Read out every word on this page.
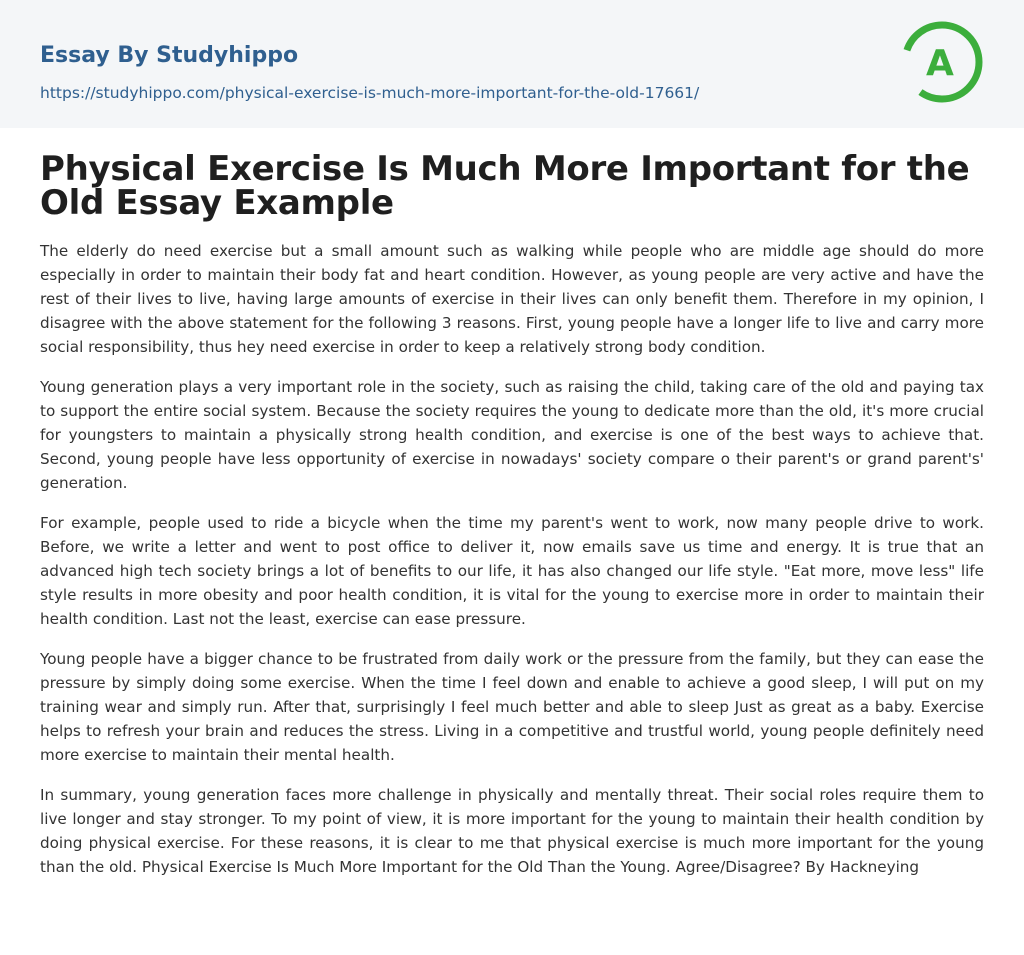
Essay By Studyhippo
https://studyhippo.com/physical-exercise-is-much-more-important-for-the-old-17661/
A
Physical Exercise Is Much More Important for the Old Essay Example

The elderly do need exercise but a small amount such as walking while people who are middle age should do more especially in order to maintain their body fat and heart condition. However, as young people are very active and have the rest of their lives to live, having large amounts of exercise in their lives can only benefit them. Therefore in my opinion, I disagree with the above statement for the following 3 reasons. First, young people have a longer life to live and carry more social responsibility, thus hey need exercise in order to keep a relatively strong body condition.

Young generation plays a very important role in the society, such as raising the child, taking care of the old and paying tax to support the entire social system. Because the society requires the young to dedicate more than the old, it's more crucial for youngsters to maintain a physically strong health condition, and exercise is one of the best ways to achieve that. Second, young people have less opportunity of exercise in nowadays' society compare o their parent's or grand parent's' generation.

For example, people used to ride a bicycle when the time my parent's went to work, now many people drive to work. Before, we write a letter and went to post office to deliver it, now emails save us time and energy. It is true that an advanced high tech society brings a lot of benefits to our life, it has also changed our life style. "Eat more, move less" life style results in more obesity and poor health condition, it is vital for the young to exercise more in order to maintain their health condition. Last not the least, exercise can ease pressure.

Young people have a bigger chance to be frustrated from daily work or the pressure from the family, but they can ease the pressure by simply doing some exercise. When the time I feel down and enable to achieve a good sleep, I will put on my training wear and simply run. After that, surprisingly I feel much better and able to sleep Just as great as a baby. Exercise helps to refresh your brain and reduces the stress. Living in a competitive and trustful world, young people definitely need more exercise to maintain their mental health.

In summary, young generation faces more challenge in physically and mentally threat. Their social roles require them to live longer and stay stronger. To my point of view, it is more important for the young to maintain their health condition by doing physical exercise. For these reasons, it is clear to me that physical exercise is much more important for the young than the old. Physical Exercise Is Much More Important for the Old Than the Young. Agree/Disagree? By Hackneying
